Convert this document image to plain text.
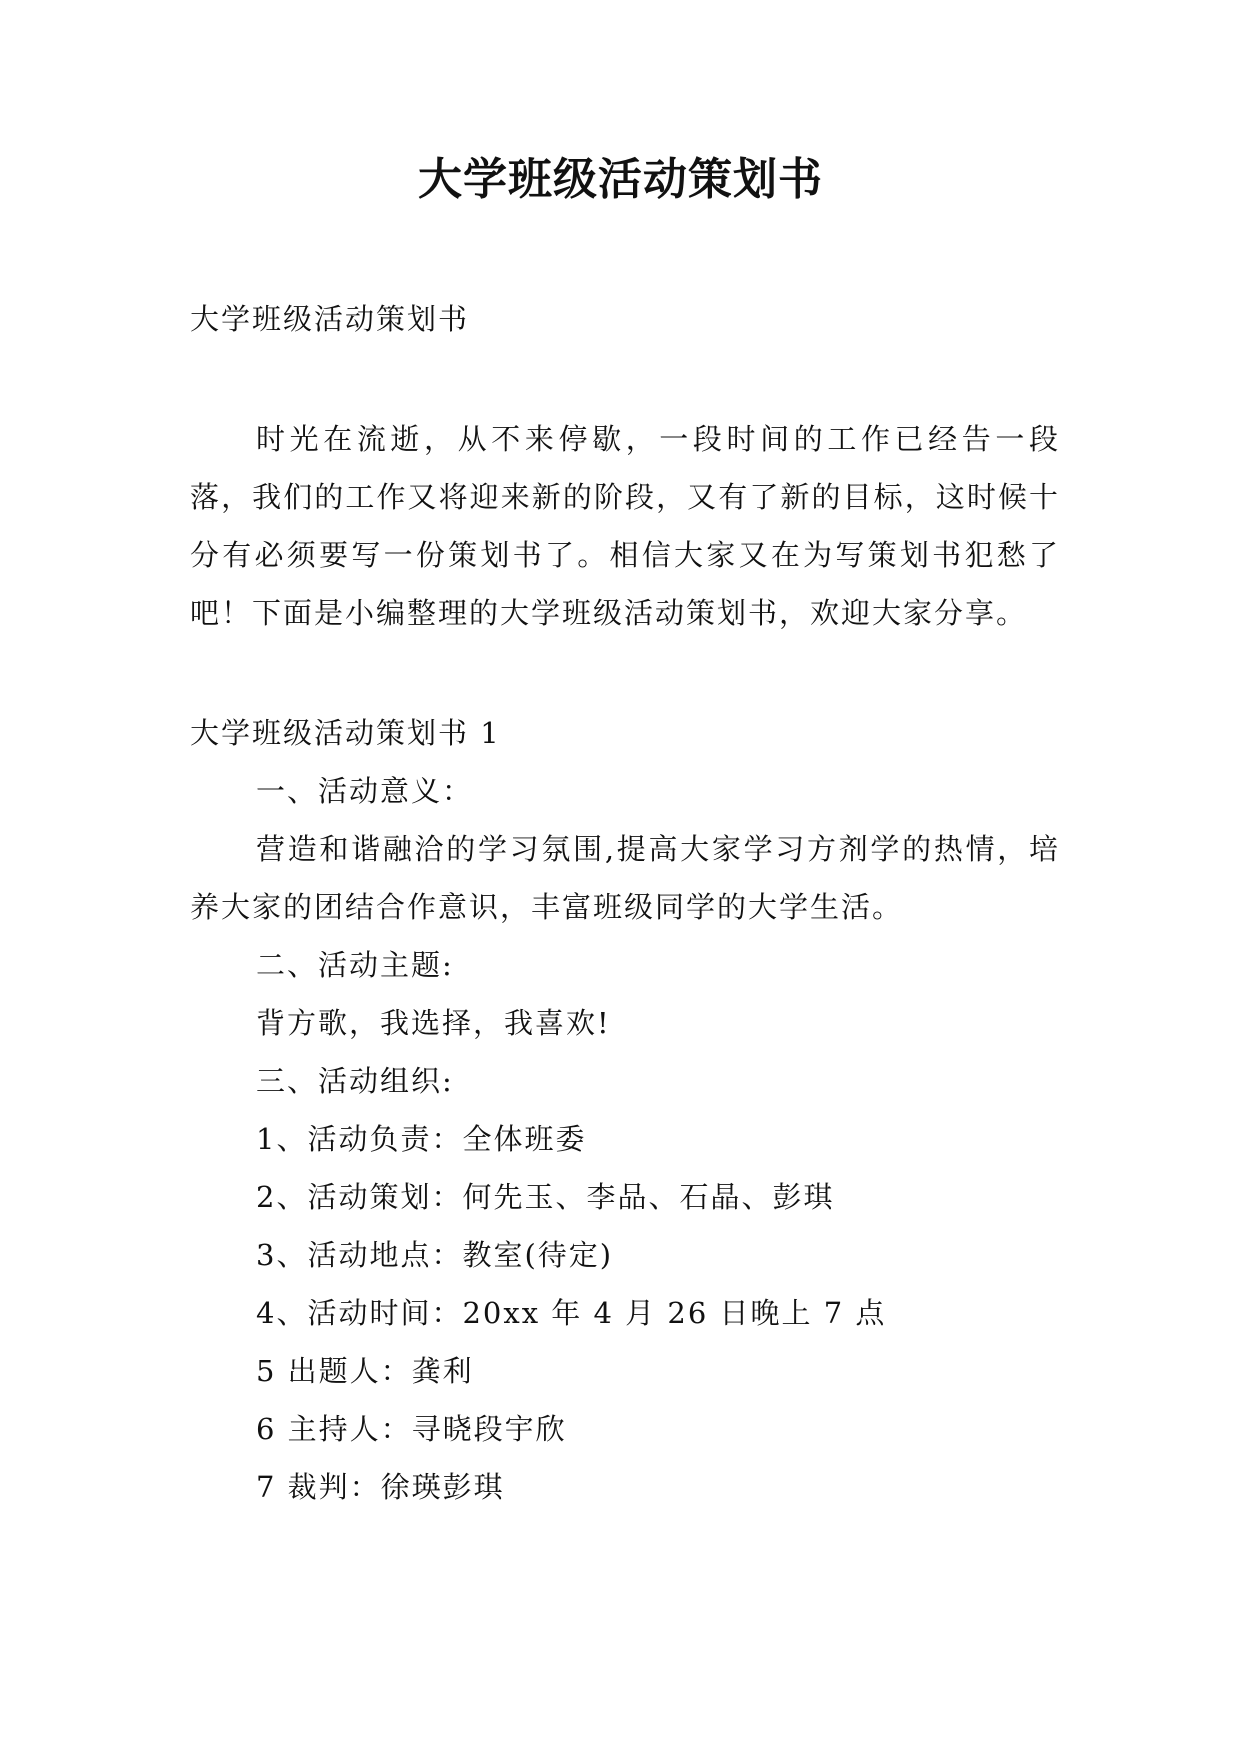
大学班级活动策划书

大学班级活动策划书

时光在流逝，从不来停歇，一段时间的工作已经告一段落，我们的工作又将迎来新的阶段，又有了新的目标，这时候十分有必须要写一份策划书了。相信大家又在为写策划书犯愁了吧！下面是小编整理的大学班级活动策划书，欢迎大家分享。

大学班级活动策划书 1

一、活动意义：

营造和谐融洽的学习氛围,提高大家学习方剂学的热情，培养大家的团结合作意识，丰富班级同学的大学生活。

二、活动主题:

背方歌，我选择，我喜欢!

三、活动组织:

1、活动负责：全体班委

2、活动策划：何先玉、李品、石晶、彭琪

3、活动地点：教室(待定)

4、活动时间：20xx 年 4 月 26 日晚上 7 点

5 出题人：龚利

6 主持人：寻晓段宇欣

7 裁判：徐瑛彭琪
